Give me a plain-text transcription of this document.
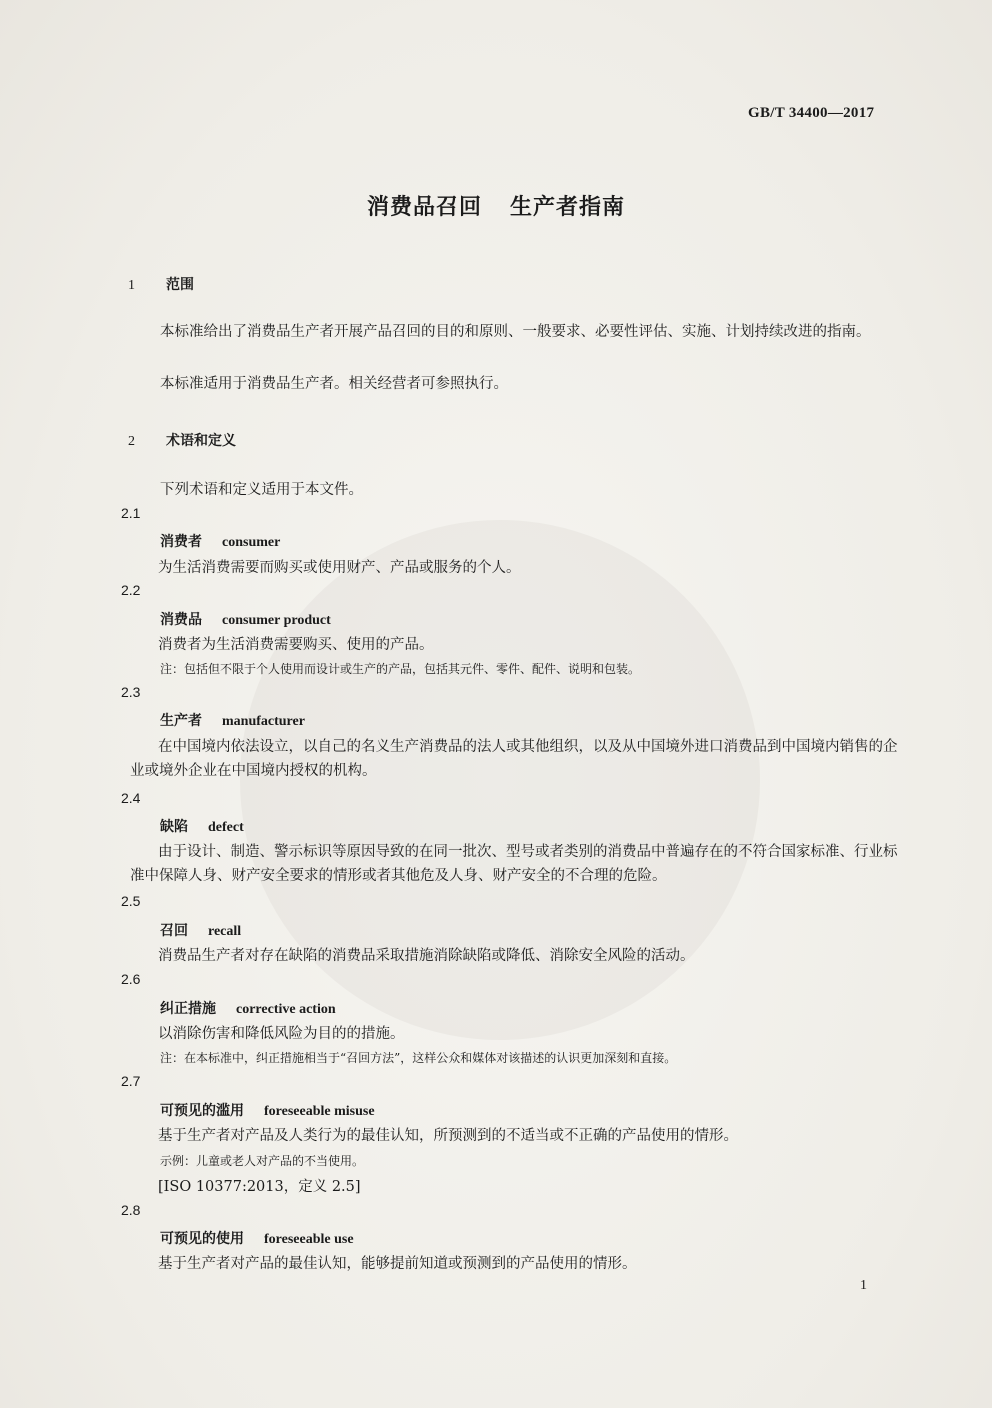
GB/T 34400—2017
消费品召回 生产者指南
1 范围
本标准给出了消费品生产者开展产品召回的目的和原则、一般要求、必要性评估、实施、计划持续改进的指南。
本标准适用于消费品生产者。相关经营者可参照执行。
2 术语和定义
下列术语和定义适用于本文件。
2.1
消费者 consumer
为生活消费需要而购买或使用财产、产品或服务的个人。
2.2
消费品 consumer product
消费者为生活消费需要购买、使用的产品。
注：包括但不限于个人使用而设计或生产的产品，包括其元件、零件、配件、说明和包装。
2.3
生产者 manufacturer
在中国境内依法设立，以自己的名义生产消费品的法人或其他组织，以及从中国境外进口消费品到中国境内销售的企业或境外企业在中国境内授权的机构。
2.4
缺陷 defect
由于设计、制造、警示标识等原因导致的在同一批次、型号或者类别的消费品中普遍存在的不符合国家标准、行业标准中保障人身、财产安全要求的情形或者其他危及人身、财产安全的不合理的危险。
2.5
召回 recall
消费品生产者对存在缺陷的消费品采取措施消除缺陷或降低、消除安全风险的活动。
2.6
纠正措施 corrective action
以消除伤害和降低风险为目的的措施。
注：在本标准中，纠正措施相当于“召回方法”，这样公众和媒体对该描述的认识更加深刻和直接。
2.7
可预见的滥用 foreseeable misuse
基于生产者对产品及人类行为的最佳认知，所预测到的不适当或不正确的产品使用的情形。
示例：儿童或老人对产品的不当使用。
[ISO 10377:2013，定义 2.5]
2.8
可预见的使用 foreseeable use
基于生产者对产品的最佳认知，能够提前知道或预测到的产品使用的情形。
1
